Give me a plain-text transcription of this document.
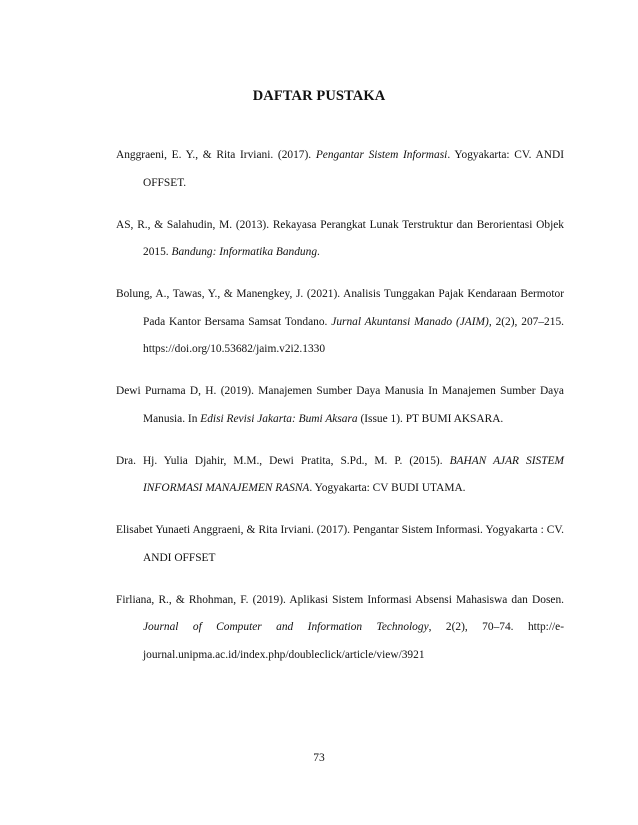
DAFTAR PUSTAKA

Anggraeni, E. Y., & Rita Irviani. (2017). Pengantar Sistem Informasi. Yogyakarta: CV. ANDI OFFSET.

AS, R., & Salahudin, M. (2013). Rekayasa Perangkat Lunak Terstruktur dan Berorientasi Objek 2015. Bandung: Informatika Bandung.

Bolung, A., Tawas, Y., & Manengkey, J. (2021). Analisis Tunggakan Pajak Kendaraan Bermotor Pada Kantor Bersama Samsat Tondano. Jurnal Akuntansi Manado (JAIM), 2(2), 207–215. https://doi.org/10.53682/jaim.v2i2.1330

Dewi Purnama D, H. (2019). Manajemen Sumber Daya Manusia In Manajemen Sumber Daya Manusia. In Edisi Revisi Jakarta: Bumi Aksara (Issue 1). PT BUMI AKSARA.

Dra. Hj. Yulia Djahir, M.M., Dewi Pratita, S.Pd., M. P. (2015). BAHAN AJAR SISTEM INFORMASI MANAJEMEN RASNA. Yogyakarta: CV BUDI UTAMA.

Elisabet Yunaeti Anggraeni, & Rita Irviani. (2017). Pengantar Sistem Informasi. Yogyakarta : CV. ANDI OFFSET

Firliana, R., & Rhohman, F. (2019). Aplikasi Sistem Informasi Absensi Mahasiswa dan Dosen. Journal of Computer and Information Technology, 2(2), 70–74. http://e-journal.unipma.ac.id/index.php/doubleclick/article/view/3921

73
